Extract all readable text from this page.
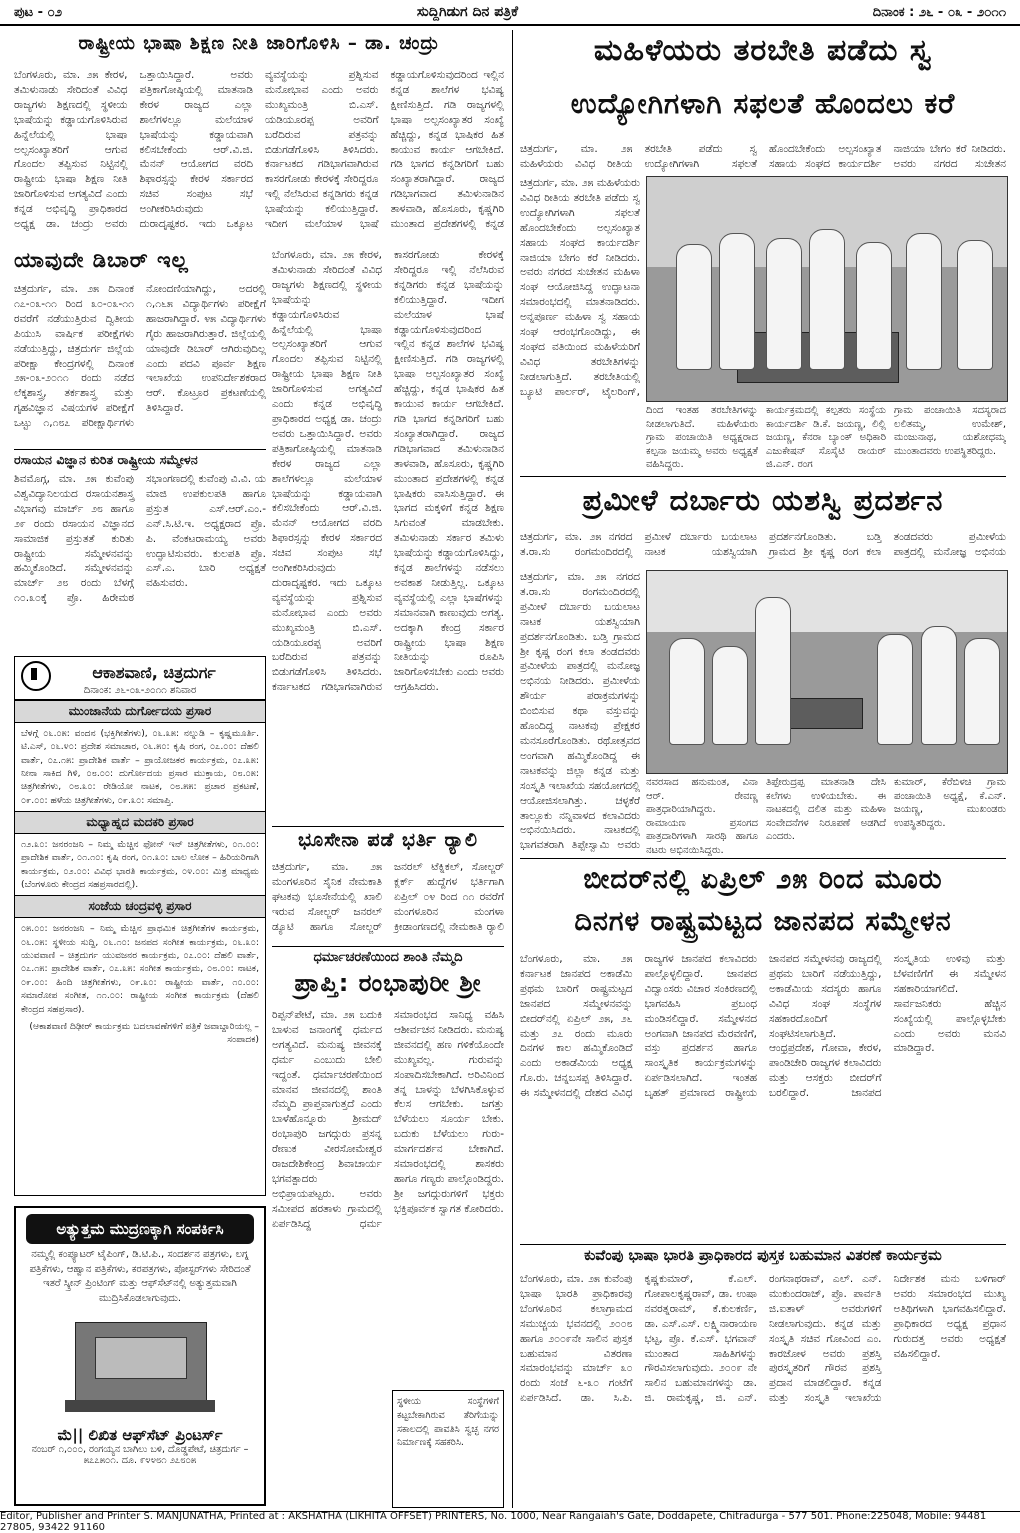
ಪುಟ - ೦೨	ಸುದ್ದಿಗಿಡುಗ ದಿನ ಪತ್ರಿಕೆ	ದಿನಾಂಕ : ೨೬ - ೦೩ - ೨೦೧೧
ರಾಷ್ಟ್ರೀಯ ಭಾಷಾ ಶಿಕ್ಷಣ ನೀತಿ ಜಾರಿಗೊಳಿಸಿ – ಡಾ. ಚಂದ್ರು
ಬೆಂಗಳೂರು, ಮಾ. ೨೫ ಕೇರಳ, ತಮಿಳುನಾಡು ಸೇರಿದಂತೆ ವಿವಿಧ ರಾಜ್ಯಗಳು ಶಿಕ್ಷಣದಲ್ಲಿ ಸ್ಥಳೀಯ ಭಾಷೆಯನ್ನು ಕಡ್ಡಾಯಗೊಳಿಸಿರುವ ಹಿನ್ನೆಲೆಯಲ್ಲಿ ಭಾಷಾ ಅಲ್ಪಸಂಖ್ಯಾತರಿಗೆ ಆಗುವ ಗೊಂದಲ ತಪ್ಪಿಸುವ ನಿಟ್ಟಿನಲ್ಲಿ ರಾಷ್ಟ್ರೀಯ ಭಾಷಾ ಶಿಕ್ಷಣ ನೀತಿ ಜಾರಿಗೊಳಿಸುವ ಅಗತ್ಯವಿದೆ ಎಂದು ಕನ್ನಡ ಅಭಿವೃದ್ಧಿ ಪ್ರಾಧಿಕಾರದ ಅಧ್ಯಕ್ಷ ಡಾ. ಚಂದ್ರು ಅವರು ಒತ್ತಾಯಿಸಿದ್ದಾರೆ. ಅವರು ಪತ್ರಿಕಾಗೋಷ್ಠಿಯಲ್ಲಿ ಮಾತನಾಡಿ ಕೇರಳ ರಾಜ್ಯದ ಎಲ್ಲಾ ಶಾಲೆಗಳಲ್ಲೂ ಮಲೆಯಾಳ ಭಾಷೆಯನ್ನು ಕಡ್ಡಾಯವಾಗಿ ಕಲಿಸಬೇಕೆಂದು ಆರ್.ವಿ.ಜಿ. ಮೆನನ್ ಆಯೋಗದ ವರದಿ ಶಿಫಾರಸ್ಸನ್ನು ಕೇರಳ ಸರ್ಕಾರದ ಸಚಿವ ಸಂಪುಟ ಸಭೆ ಅಂಗೀಕರಿಸಿರುವುದು ದುರಾದೃಷ್ಟಕರ. ಇದು ಒಕ್ಕೂಟ ವ್ಯವಸ್ಥೆಯನ್ನು ಪ್ರಶ್ನಿಸುವ ಮನೋಭಾವ ಎಂದು ಅವರು ಮುಖ್ಯಮಂತ್ರಿ ಬಿ.ಎಸ್. ಯಡಿಯೂರಪ್ಪ ಅವರಿಗೆ ಬರೆದಿರುವ ಪತ್ರವನ್ನು ಬಿಡುಗಡೆಗೊಳಿಸಿ ತಿಳಿಸಿದರು. ಕರ್ನಾಟಕದ ಗಡಿಭಾಗವಾಗಿರುವ ಕಾಸರಗೋಡು ಕೇರಳಕ್ಕೆ ಸೇರಿದ್ದರೂ ಇಲ್ಲಿ ನೆಲೆಸಿರುವ ಕನ್ನಡಿಗರು ಕನ್ನಡ ಭಾಷೆಯನ್ನು ಕಲಿಯುತ್ತಿದ್ದಾರೆ. ಇದೀಗ ಮಲೆಯಾಳ ಭಾಷೆ ಕಡ್ಡಾಯಗೊಳಿಸುವುದರಿಂದ ಇಲ್ಲಿನ ಕನ್ನಡ ಶಾಲೆಗಳ ಭವಿಷ್ಯ ಕ್ಷೀಣಿಸುತ್ತಿದೆ. ಗಡಿ ರಾಜ್ಯಗಳಲ್ಲಿ ಭಾಷಾ ಅಲ್ಪಸಂಖ್ಯಾತರ ಸಂಖ್ಯೆ ಹೆಚ್ಚಿದ್ದು, ಕನ್ನಡ ಭಾಷಿಕರ ಹಿತ ಕಾಯುವ ಕಾರ್ಯ ಆಗಬೇಕಿದೆ. ಗಡಿ ಭಾಗದ ಕನ್ನಡಿಗರಿಗೆ ಬಹು ಸಂಖ್ಯಾತರಾಗಿದ್ದಾರೆ. ರಾಜ್ಯದ ಗಡಿಭಾಗವಾದ ತಮಿಳುನಾಡಿನ ತಾಳವಾಡಿ, ಹೊಸೂರು, ಕೃಷ್ಣಗಿರಿ ಮುಂತಾದ ಪ್ರದೇಶಗಳಲ್ಲಿ ಕನ್ನಡ
ಯಾವುದೇ ಡಿಬಾರ್ ಇಲ್ಲ
ಚಿತ್ರದುರ್ಗ, ಮಾ. ೨೫ ದಿನಾಂಕ ೧೭-೦೩-೧೧ ರಿಂದ ೩೦-೦೩-೧೧ ರವರೆಗೆ ನಡೆಯುತ್ತಿರುವ ದ್ವಿತೀಯ ಪಿಯುಸಿ ವಾರ್ಷಿಕ ಪರೀಕ್ಷೆಗಳು ನಡೆಯುತ್ತಿದ್ದು, ಚಿತ್ರದುರ್ಗ ಜಿಲ್ಲೆಯ ಪರೀಕ್ಷಾ ಕೇಂದ್ರಗಳಲ್ಲಿ ದಿನಾಂಕ ೨೫-೦೩-೨೦೧೧ ರಂದು ನಡೆದ ಲೆಕ್ಕಶಾಸ್ತ್ರ, ತರ್ಕಶಾಸ್ತ್ರ ಮತ್ತು ಗೃಹವಿಜ್ಞಾನ ವಿಷಯಗಳ ಪರೀಕ್ಷೆಗೆ ಒಟ್ಟು ೧,೧೮೭ ಪರೀಕ್ಷಾರ್ಥಿಗಳು ನೋಂದಣಿಯಾಗಿದ್ದು, ಅದರಲ್ಲಿ ೧,೧೬೫ ವಿದ್ಯಾರ್ಥಿಗಳು ಪರೀಕ್ಷೆಗೆ ಹಾಜರಾಗಿದ್ದಾರೆ. ೪೫ ವಿದ್ಯಾರ್ಥಿಗಳು ಗೈರು ಹಾಜರಾಗಿರುತ್ತಾರೆ. ಜಿಲ್ಲೆಯಲ್ಲಿ ಯಾವುದೇ ಡಿಬಾರ್ ಆಗಿರುವುದಿಲ್ಲ ಎಂದು ಪದವಿ ಪೂರ್ವ ಶಿಕ್ಷಣ ಇಲಾಖೆಯ ಉಪನಿರ್ದೇಶಕರಾದ ಆರ್. ಕೊಟ್ರೂರ ಪ್ರಕಟಣೆಯಲ್ಲಿ ತಿಳಿಸಿದ್ದಾರೆ.
ರಸಾಯನ ವಿಜ್ಞಾನ ಕುರಿತ ರಾಷ್ಟ್ರೀಯ ಸಮ್ಮೇಳನ
ಶಿವಮೊಗ್ಗ, ಮಾ. ೨೫ ಕುವೆಂಪು ವಿಶ್ವವಿದ್ಯಾನಿಲಯದ ರಸಾಯನಶಾಸ್ತ್ರ ವಿಭಾಗವು ಮಾರ್ಚ್ ೨೮ ಹಾಗೂ ೨೯ ರಂದು ರಸಾಯನ ವಿಜ್ಞಾನದ ಸಾಮಾಜಿಕ ಪ್ರಸ್ತುತತೆ ಕುರಿತು ರಾಷ್ಟ್ರೀಯ ಸಮ್ಮೇಳನವನ್ನು ಹಮ್ಮಿಕೊಂಡಿದೆ. ಸಮ್ಮೇಳನವನ್ನು ಮಾರ್ಚ್ ೨೮ ರಂದು ಬೆಳಗ್ಗೆ ೧೦.೩೦ಕ್ಕೆ ಪ್ರೊ. ಹಿರೇಮಠ ಸಭಾಂಗಣದಲ್ಲಿ ಕುವೆಂಪು ವಿ.ವಿ. ಯ ಮಾಜಿ ಉಪಕುಲಪತಿ ಹಾಗೂ ಪ್ರಸ್ತುತ ಎಸ್.ಆರ್.ಎಂ.-ಎನ್.ಸಿ.ಟಿ.ಇ. ಅಧ್ಯಕ್ಷರಾದ ಪ್ರೊ. ಪಿ. ವೆಂಕಟರಾಮಯ್ಯ ಅವರು ಉದ್ಘಾಟಿಸುವರು. ಕುಲಪತಿ ಪ್ರೊ. ಎಸ್.ಎ. ಬಾರಿ ಅಧ್ಯಕ್ಷತೆ ವಹಿಸುವರು.
ಬೆಂಗಳೂರು, ಮಾ. ೨೫ ಕೇರಳ, ತಮಿಳುನಾಡು ಸೇರಿದಂತೆ ವಿವಿಧ ರಾಜ್ಯಗಳು ಶಿಕ್ಷಣದಲ್ಲಿ ಸ್ಥಳೀಯ ಭಾಷೆಯನ್ನು ಕಡ್ಡಾಯಗೊಳಿಸಿರುವ ಹಿನ್ನೆಲೆಯಲ್ಲಿ ಭಾಷಾ ಅಲ್ಪಸಂಖ್ಯಾತರಿಗೆ ಆಗುವ ಗೊಂದಲ ತಪ್ಪಿಸುವ ನಿಟ್ಟಿನಲ್ಲಿ ರಾಷ್ಟ್ರೀಯ ಭಾಷಾ ಶಿಕ್ಷಣ ನೀತಿ ಜಾರಿಗೊಳಿಸುವ ಅಗತ್ಯವಿದೆ ಎಂದು ಕನ್ನಡ ಅಭಿವೃದ್ಧಿ ಪ್ರಾಧಿಕಾರದ ಅಧ್ಯಕ್ಷ ಡಾ. ಚಂದ್ರು ಅವರು ಒತ್ತಾಯಿಸಿದ್ದಾರೆ. ಅವರು ಪತ್ರಿಕಾಗೋಷ್ಠಿಯಲ್ಲಿ ಮಾತನಾಡಿ ಕೇರಳ ರಾಜ್ಯದ ಎಲ್ಲಾ ಶಾಲೆಗಳಲ್ಲೂ ಮಲೆಯಾಳ ಭಾಷೆಯನ್ನು ಕಡ್ಡಾಯವಾಗಿ ಕಲಿಸಬೇಕೆಂದು ಆರ್.ವಿ.ಜಿ. ಮೆನನ್ ಆಯೋಗದ ವರದಿ ಶಿಫಾರಸ್ಸನ್ನು ಕೇರಳ ಸರ್ಕಾರದ ಸಚಿವ ಸಂಪುಟ ಸಭೆ ಅಂಗೀಕರಿಸಿರುವುದು ದುರಾದೃಷ್ಟಕರ. ಇದು ಒಕ್ಕೂಟ ವ್ಯವಸ್ಥೆಯನ್ನು ಪ್ರಶ್ನಿಸುವ ಮನೋಭಾವ ಎಂದು ಅವರು ಮುಖ್ಯಮಂತ್ರಿ ಬಿ.ಎಸ್. ಯಡಿಯೂರಪ್ಪ ಅವರಿಗೆ ಬರೆದಿರುವ ಪತ್ರವನ್ನು ಬಿಡುಗಡೆಗೊಳಿಸಿ ತಿಳಿಸಿದರು. ಕರ್ನಾಟಕದ ಗಡಿಭಾಗವಾಗಿರುವ ಕಾಸರಗೋಡು ಕೇರಳಕ್ಕೆ ಸೇರಿದ್ದರೂ ಇಲ್ಲಿ ನೆಲೆಸಿರುವ ಕನ್ನಡಿಗರು ಕನ್ನಡ ಭಾಷೆಯನ್ನು ಕಲಿಯುತ್ತಿದ್ದಾರೆ. ಇದೀಗ ಮಲೆಯಾಳ ಭಾಷೆ ಕಡ್ಡಾಯಗೊಳಿಸುವುದರಿಂದ ಇಲ್ಲಿನ ಕನ್ನಡ ಶಾಲೆಗಳ ಭವಿಷ್ಯ ಕ್ಷೀಣಿಸುತ್ತಿದೆ. ಗಡಿ ರಾಜ್ಯಗಳಲ್ಲಿ ಭಾಷಾ ಅಲ್ಪಸಂಖ್ಯಾತರ ಸಂಖ್ಯೆ ಹೆಚ್ಚಿದ್ದು, ಕನ್ನಡ ಭಾಷಿಕರ ಹಿತ ಕಾಯುವ ಕಾರ್ಯ ಆಗಬೇಕಿದೆ. ಗಡಿ ಭಾಗದ ಕನ್ನಡಿಗರಿಗೆ ಬಹು ಸಂಖ್ಯಾತರಾಗಿದ್ದಾರೆ. ರಾಜ್ಯದ ಗಡಿಭಾಗವಾದ ತಮಿಳುನಾಡಿನ ತಾಳವಾಡಿ, ಹೊಸೂರು, ಕೃಷ್ಣಗಿರಿ ಮುಂತಾದ ಪ್ರದೇಶಗಳಲ್ಲಿ ಕನ್ನಡ ಭಾಷಿಕರು ವಾಸಿಸುತ್ತಿದ್ದಾರೆ. ಈ ಭಾಗದ ಮಕ್ಕಳಿಗೆ ಕನ್ನಡ ಶಿಕ್ಷಣ ಸಿಗುವಂತೆ ಮಾಡಬೇಕು. ತಮಿಳುನಾಡು ಸರ್ಕಾರ ತಮಿಳು ಭಾಷೆಯನ್ನು ಕಡ್ಡಾಯಗೊಳಿಸಿದ್ದು, ಕನ್ನಡ ಶಾಲೆಗಳನ್ನು ನಡೆಸಲು ಅವಕಾಶ ನೀಡುತ್ತಿಲ್ಲ. ಒಕ್ಕೂಟ ವ್ಯವಸ್ಥೆಯಲ್ಲಿ ಎಲ್ಲಾ ಭಾಷೆಗಳನ್ನು ಸಮಾನವಾಗಿ ಕಾಣುವುದು ಅಗತ್ಯ. ಅದಕ್ಕಾಗಿ ಕೇಂದ್ರ ಸರ್ಕಾರ ರಾಷ್ಟ್ರೀಯ ಭಾಷಾ ಶಿಕ್ಷಣ ನೀತಿಯನ್ನು ರೂಪಿಸಿ ಜಾರಿಗೊಳಿಸಬೇಕು ಎಂದು ಅವರು ಆಗ್ರಹಿಸಿದರು.
ಭೂಸೇನಾ ಪಡೆ ಭರ್ತಿ ರ್‍ಯಾಲಿ
ಚಿತ್ರದುರ್ಗ, ಮಾ. ೨೫ ಮಂಗಳೂರಿನ ಸೈನಿಕ ನೇಮಕಾತಿ ಘಟಕವು ಭೂಸೇನೆಯಲ್ಲಿ ಖಾಲಿ ಇರುವ ಸೋಲ್ಜರ್ ಜನರಲ್ ಡ್ಯೂಟಿ ಹಾಗೂ ಸೋಲ್ಜರ್ ಜನರಲ್ ಟೆಕ್ನಿಕಲ್, ಸೋಲ್ಜರ್ ಕ್ಲರ್ಕ್ ಹುದ್ದೆಗಳ ಭರ್ತಿಗಾಗಿ ಏಪ್ರಿಲ್ ೦೪ ರಿಂದ ೧೧ ರವರೆಗೆ ಮಂಗಳೂರಿನ ಮಂಗಳಾ ಕ್ರೀಡಾಂಗಣದಲ್ಲಿ ನೇಮಕಾತಿ ರ್‍ಯಾಲಿ
ಧರ್ಮಾಚರಣೆಯಿಂದ ಶಾಂತಿ ನೆಮ್ಮದಿ
ಪ್ರಾಪ್ತಿ: ರಂಭಾಪುರೀ ಶ್ರೀ
ರಿಪ್ಪನ್‌ಪೇಟೆ, ಮಾ. ೨೫ ಬದುಕಿ ಬಾಳುವ ಜನಾಂಗಕ್ಕೆ ಧರ್ಮದ ಅಗತ್ಯವಿದೆ. ಮನುಷ್ಯ ಜೀವನಕ್ಕೆ ಧರ್ಮ ಎಂಬುದು ಬೇಲಿ ಇದ್ದಂತೆ. ಧರ್ಮಾಚರಣೆಯಿಂದ ಮಾನವ ಜೀವನದಲ್ಲಿ ಶಾಂತಿ ನೆಮ್ಮದಿ ಪ್ರಾಪ್ತವಾಗುತ್ತದೆ ಎಂದು ಬಾಳೆಹೊನ್ನೂರು ಶ್ರೀಮದ್ ರಂಭಾಪುರಿ ಜಗದ್ಗುರು ಪ್ರಸನ್ನ ರೇಣುಕ ವೀರಸೋಮೇಶ್ವರ ರಾಜದೇಶಿಕೇಂದ್ರ ಶಿವಾಚಾರ್ಯ ಭಗವತ್ಪಾದರು ಅಭಿಪ್ರಾಯಪಟ್ಟರು. ಅವರು ಸಮೀಪದ ಹರತಾಳು ಗ್ರಾಮದಲ್ಲಿ ಏರ್ಪಡಿಸಿದ್ದ ಧರ್ಮ ಸಮಾರಂಭದ ಸಾನಿಧ್ಯ ವಹಿಸಿ ಆಶೀರ್ವಚನ ನೀಡಿದರು. ಮನುಷ್ಯ ಜೀವನದಲ್ಲಿ ಹಣ ಗಳಿಕೆಯೊಂದೇ ಮುಖ್ಯವಲ್ಲ. ಗುರುವನ್ನು ಸಂಪಾದಿಸಬೇಕಾಗಿದೆ. ಅರಿವಿನಿಂದ ತನ್ನ ಬಾಳನ್ನು ಬೆಳಗಿಸಿಕೊಳ್ಳುವ ಕೆಲಸ ಆಗಬೇಕು. ಜಗತ್ತು ಬೆಳೆಯಲು ಸೂರ್ಯ ಬೇಕು. ಬದುಕು ಬೆಳೆಯಲು ಗುರು-ಮಾರ್ಗದರ್ಶನ ಬೇಕಾಗಿದೆ. ಸಮಾರಂಭದಲ್ಲಿ ಶಾಸಕರು ಹಾಗೂ ಗಣ್ಯರು ಪಾಲ್ಗೊಂಡಿದ್ದರು. ಶ್ರೀ ಜಗದ್ಗುರುಗಳಿಗೆ ಭಕ್ತರು ಭಕ್ತಿಪೂರ್ವಕ ಸ್ವಾಗತ ಕೋರಿದರು.
ಸ್ಥಳೀಯ ಸಂಸ್ಥೆಗಳಿಗೆ ಕಟ್ಟಬೇಕಾಗಿರುವ ತೆರಿಗೆಯನ್ನು ಸಕಾಲದಲ್ಲಿ ಪಾವತಿಸಿ ಸ್ವಚ್ಛ ನಗರ ನಿರ್ಮಾಣಕ್ಕೆ ಸಹಕರಿಸಿ.
ಆಕಾಶವಾಣಿ, ಚಿತ್ರದುರ್ಗ
ದಿನಾಂಕ: ೨೬-೦೩-೨೦೧೧ ಶನಿವಾರ
ಮುಂಜಾನೆಯ ದುರ್ಗೋದಯ ಪ್ರಸಾರ
ಬೆಳಗ್ಗೆ ೦೬.೦೫: ವಂದನ (ಭಕ್ತಿಗೀತೆಗಳು), ೦೬.೩೫: ನಲ್ನುಡಿ – ಕೃಷ್ಣಮೂರ್ತಿ. ಟಿ.ಎಸ್, ೦೬.೪೦: ಪ್ರದೇಶ ಸಮಾಚಾರ, ೦೬.೫೦: ಕೃಷಿ ರಂಗ, ೦೭.೦೦: ದೆಹಲಿ ವಾರ್ತೆ, ೦೭.೧೫: ಪ್ರಾದೇಶಿಕ ವಾರ್ತೆ – ಪ್ರಾಯೋಜಕರ ಕಾರ್ಯಕ್ರಮ, ೦೭.೩೫: ನೀನಾ ಸಾಕಿದ ಗಿಳಿ, ೦೮.೦೦: ದುರ್ಗೋದಯ ಪ್ರಸಾರ ಮುಕ್ತಾಯ, ೦೮.೦೫: ಚಿತ್ರಗೀತೆಗಳು, ೦೮.೩೦: ರೇಡಿಯೋ ನಾಟಕ, ೦೮.೫೫: ಪ್ರಚಾರ ಪ್ರಕಟಣೆ, ೦೯.೦೦: ಹಳೆಯ ಚಿತ್ರಗೀತೆಗಳು, ೦೯.೩೦: ಸಮಾಪ್ತಿ.
ಮಧ್ಯಾಹ್ನದ ಮದಕರಿ ಪ್ರಸಾರ
೧೨.೩೦: ಜನರಂಜನಿ – ನಿಮ್ಮ ಮೆಚ್ಚಿನ ಫೋನ್ ಇನ್ ಚಿತ್ರಗೀತೆಗಳು, ೦೧.೦೦: ಪ್ರಾದೇಶಿಕ ವಾರ್ತೆ, ೦೧.೧೦: ಕೃಷಿ ರಂಗ, ೦೧.೩೦: ಬಾಲ ಲೋಕ – ಹಿರಿಯರಿಗಾಗಿ ಕಾರ್ಯಕ್ರಮ, ೦೨.೦೦: ವಿವಿಧ ಭಾರತಿ ಕಾರ್ಯಕ್ರಮ, ೦೪.೦೦: ಮಿತ್ರ ಮಾಧ್ಯಮ (ಬೆಂಗಳೂರು ಕೇಂದ್ರದ ಸಹಪ್ರಸಾರದಲ್ಲಿ).
ಸಂಜೆಯ ಚಂದ್ರವಳ್ಳಿ ಪ್ರಸಾರ
೦೫.೦೦: ಜನರಂಜನಿ – ನಿಮ್ಮ ಮೆಚ್ಚಿನ ಪ್ರಾಥಮಿಕ ಚಿತ್ರಗೀತೆಗಳ ಕಾರ್ಯಕ್ರಮ, ೦೬.೦೫: ಸ್ಥಳೀಯ ಸುದ್ದಿ, ೦೬.೧೦: ಜನಪದ ಸಂಗೀತ ಕಾರ್ಯಕ್ರಮ, ೦೬.೩೦: ಯುವವಾಣಿ – ಚಿತ್ರದುರ್ಗ ಯುವಜನರ ಕಾರ್ಯಕ್ರಮ, ೦೭.೦೦: ದೆಹಲಿ ವಾರ್ತೆ, ೦೭.೧೫: ಪ್ರಾದೇಶಿಕ ವಾರ್ತೆ, ೦೭.೩೫: ಸಂಗೀತ ಕಾರ್ಯಕ್ರಮ, ೦೮.೦೦: ನಾಟಕ, ೦೯.೦೦: ಹಿಂದಿ ಚಿತ್ರಗೀತೆಗಳು, ೦೯.೩೦: ರಾಷ್ಟ್ರೀಯ ವಾರ್ತೆ, ೧೦.೦೦: ಸಮಾರೋಪ ಸಂಗೀತ, ೧೧.೦೦: ರಾಷ್ಟ್ರೀಯ ಸಂಗೀತ ಕಾರ್ಯಕ್ರಮ (ದೆಹಲಿ ಕೇಂದ್ರದ ಸಹಪ್ರಸಾರ).
(ಆಕಾಶವಾಣಿ ದಿಢೀರ್ ಕಾರ್ಯಕ್ರಮ ಬದಲಾವಣೆಗಳಿಗೆ ಪತ್ರಿಕೆ ಜವಾಬ್ದಾರಿಯಲ್ಲ – ಸಂಪಾದಕ)
ಅತ್ಯುತ್ತಮ ಮುದ್ರಣಕ್ಕಾಗಿ ಸಂಪರ್ಕಿಸಿ
ನಮ್ಮಲ್ಲಿ ಕಂಪ್ಯೂಟರ್ ಟೈಪಿಂಗ್, ಡಿ.ಟಿ.ಪಿ., ಸಂದರ್ಶನ ಪತ್ರಗಳು, ಲಗ್ನ ಪತ್ರಿಕೆಗಳು, ಆಹ್ವಾನ ಪತ್ರಿಕೆಗಳು, ಕರಪತ್ರಗಳು, ಪೋಸ್ಟರ್‌ಗಳು ಸೇರಿದಂತೆ ಇತರೆ ಸ್ಕ್ರೀನ್ ಪ್ರಿಂಟಿಂಗ್ ಮತ್ತು ಆಫ್‌ಸೆಟ್‌ನಲ್ಲಿ ಅತ್ಯುತ್ತಮವಾಗಿ ಮುದ್ರಿಸಿಕೊಡಲಾಗುವುದು.
ಮೆ|| ಲಿಖಿತ ಆಫ್‌ಸೆಟ್ ಪ್ರಿಂಟರ್ಸ್
ನಂಬರ್ ೧,೦೦೦, ರಂಗಯ್ಯನ ಬಾಗಿಲು ಬಳಿ, ದೊಡ್ಡಪೇಟೆ, ಚಿತ್ರದುರ್ಗ – ೫೭೭೫೦೧. ದೂ. ೯೪೪೮೧ ೨೭೮೦೫
ಮಹಿಳೆಯರು ತರಬೇತಿ ಪಡೆದು ಸ್ವ
ಉದ್ಯೋಗಿಗಳಾಗಿ ಸಫಲತೆ ಹೊಂದಲು ಕರೆ
ಚಿತ್ರದುರ್ಗ, ಮಾ. ೨೫ ಮಹಿಳೆಯರು ವಿವಿಧ ರೀತಿಯ ತರಬೇತಿ ಪಡೆದು ಸ್ವ ಉದ್ಯೋಗಿಗಳಾಗಿ ಸಫಲತೆ ಹೊಂದಬೇಕೆಂದು ಅಲ್ಪಸಂಖ್ಯಾತ ಸಹಾಯ ಸಂಘದ ಕಾರ್ಯದರ್ಶಿ ನಾಜಿಯಾ ಬೇಗಂ ಕರೆ ನೀಡಿದರು. ಅವರು ನಗರದ ಸುಚೇತನ
ಚಿತ್ರದುರ್ಗ, ಮಾ. ೨೫ ಮಹಿಳೆಯರು ವಿವಿಧ ರೀತಿಯ ತರಬೇತಿ ಪಡೆದು ಸ್ವ ಉದ್ಯೋಗಿಗಳಾಗಿ ಸಫಲತೆ ಹೊಂದಬೇಕೆಂದು ಅಲ್ಪಸಂಖ್ಯಾತ ಸಹಾಯ ಸಂಘದ ಕಾರ್ಯದರ್ಶಿ ನಾಜಿಯಾ ಬೇಗಂ ಕರೆ ನೀಡಿದರು. ಅವರು ನಗರದ ಸುಚೇತನ ಮಹಿಳಾ ಸಂಘ ಆಯೋಜಿಸಿದ್ದ ಉದ್ಘಾಟನಾ ಸಮಾರಂಭದಲ್ಲಿ ಮಾತನಾಡಿದರು. ಅನ್ನಪೂರ್ಣ ಮಹಿಳಾ ಸ್ವ ಸಹಾಯ ಸಂಘ ಆರಂಭಗೊಂಡಿದ್ದು, ಈ ಸಂಘದ ವತಿಯಿಂದ ಮಹಿಳೆಯರಿಗೆ ವಿವಿಧ ತರಬೇತಿಗಳನ್ನು ನೀಡಲಾಗುತ್ತಿದೆ. ತರಬೇತಿಯಲ್ಲಿ ಬ್ಯೂಟಿ ಪಾರ್ಲರ್, ಟೈಲರಿಂಗ್,
ದಿಂದ ಇಂತಹ ತರಬೇತಿಗಳನ್ನು ನೀಡಲಾಗುತಿದೆ. ಮಹಿಳೆಯರು ಗ್ರಾಮ ಪಂಚಾಯಿತಿ ಅಧ್ಯಕ್ಷರಾದ ಕಲ್ಪನಾ ಜಯಮ್ಮ ಅವರು ಅಧ್ಯಕ್ಷತೆ ವಹಿಸಿದ್ದರು.
ಕಾರ್ಯಕ್ರಮದಲ್ಲಿ ಕಲ್ಪತರು ಸಂಸ್ಥೆಯ ಕಾರ್ಯದರ್ಶಿ ಡಿ.ಕೆ. ಜಯಣ್ಣ, ಲಿಲ್ಲಿ ಜಯಣ್ಣ, ಕೆನರಾ ಬ್ಯಾಂಕ್ ಅಧಿಕಾರಿ ಎಜುಕೇಷನ್ ಸೊಸೈಟಿ ರಾಯರ್ ಜಿ.ಎನ್. ರಂಗ
ಗ್ರಾಮ ಪಂಚಾಯಿತಿ ಸದಸ್ಯರಾದ ಲಲಿತಮ್ಮ, ಉಮೇಶ್, ಮಂಜುನಾಥ, ಯಶೋಧಮ್ಮ ಮುಂತಾದವರು ಉಪಸ್ಥಿತರಿದ್ದರು.
ಪ್ರಮೀಳೆ ದರ್ಬಾರು ಯಶಸ್ವಿ ಪ್ರದರ್ಶನ
ಚಿತ್ರದುರ್ಗ, ಮಾ. ೨೫ ನಗರದ ತ.ರಾ.ಸು ರಂಗಮಂದಿರದಲ್ಲಿ ಪ್ರಮೀಳೆ ದರ್ಬಾರು ಬಯಲಾಟ ನಾಟಕ ಯಶಸ್ವಿಯಾಗಿ ಪ್ರದರ್ಶನಗೊಂಡಿತು. ಬಡ್ತಿ ಗ್ರಾಮದ ಶ್ರೀ ಕೃಷ್ಣ ರಂಗ ಕಲಾ ತಂಡದವರು ಪ್ರಮೀಳೆಯ ಪಾತ್ರದಲ್ಲಿ ಮನೋಜ್ಞ ಅಭಿನಯ
ಚಿತ್ರದುರ್ಗ, ಮಾ. ೨೫ ನಗರದ ತ.ರಾ.ಸು ರಂಗಮಂದಿರದಲ್ಲಿ ಪ್ರಮೀಳೆ ದರ್ಬಾರು ಬಯಲಾಟ ನಾಟಕ ಯಶಸ್ವಿಯಾಗಿ ಪ್ರದರ್ಶನಗೊಂಡಿತು. ಬಡ್ತಿ ಗ್ರಾಮದ ಶ್ರೀ ಕೃಷ್ಣ ರಂಗ ಕಲಾ ತಂಡದವರು ಪ್ರಮೀಳೆಯ ಪಾತ್ರದಲ್ಲಿ ಮನೋಜ್ಞ ಅಭಿನಯ ನೀಡಿದರು. ಪ್ರಮೀಳೆಯ ಶೌರ್ಯ ಪರಾಕ್ರಮಗಳನ್ನು ಬಿಂಬಿಸುವ ಕಥಾ ವಸ್ತುವನ್ನು ಹೊಂದಿದ್ದ ನಾಟಕವು ಪ್ರೇಕ್ಷಕರ ಮನಸೂರೆಗೊಂಡಿತು. ರಥೋತ್ಸವದ ಅಂಗವಾಗಿ ಹಮ್ಮಿಕೊಂಡಿದ್ದ ಈ ನಾಟಕವನ್ನು ಜಿಲ್ಲಾ ಕನ್ನಡ ಮತ್ತು ಸಂಸ್ಕೃತಿ ಇಲಾಖೆಯ ಸಹಯೋಗದಲ್ಲಿ ಆಯೋಜಿಸಲಾಗಿತ್ತು. ಚಳ್ಳಕೆರೆ ತಾಲ್ಲೂಕು ನನ್ನಿವಾಳದ ಕಲಾವಿದರು ಅಭಿನಯಿಸಿದರು. ನಾಟಕದಲ್ಲಿ ಭಾಗವತರಾಗಿ ತಿಪ್ಪೇಸ್ವಾಮಿ ಅವರು
ನವರಸಾದ ಹನುಮಂತ, ವಿನಾ ಆರ್. ರೇವಣ್ಣ ಪಾತ್ರಧಾರಿಯಾಗಿದ್ದರು. ರಾಮಾಯಣ ಪ್ರಸಂಗದ ಪಾತ್ರದಾರಿಗಳಾಗಿ ಸಾರಥಿ ಹಾಗೂ ನಟರು ಅಭಿನಯಿಸಿದ್ದರು.
ತಿಪ್ಪೇರುದ್ರಪ್ಪ ಮಾತನಾಡಿ ದೇಸಿ ಕಲೆಗಳು ಉಳಿಯಬೇಕು. ಈ ನಾಟಕದಲ್ಲಿ ದಲಿತ ಮತ್ತು ಮಹಿಳಾ ಸಂವೇದನೆಗಳ ನಿರೂಪಣೆ ಅಡಗಿದೆ ಎಂದರು.
ಕುಮಾರ್, ಕೆರೆಬಿಳಚಿ ಗ್ರಾಮ ಪಂಚಾಯಿತಿ ಅಧ್ಯಕ್ಷೆ, ಕೆ.ಎನ್. ಜಯಣ್ಣ, ಮುಖಂಡರು ಉಪಸ್ಥಿತರಿದ್ದರು.
ಬೀದರ್‌ನಲ್ಲಿ ಏಪ್ರಿಲ್ ೨೫ ರಿಂದ ಮೂರು
ದಿನಗಳ ರಾಷ್ಟ್ರಮಟ್ಟದ ಜಾನಪದ ಸಮ್ಮೇಳನ
ಬೆಂಗಳೂರು, ಮಾ. ೨೫ ಕರ್ನಾಟಕ ಜಾನಪದ ಅಕಾಡೆಮಿ ಪ್ರಥಮ ಬಾರಿಗೆ ರಾಷ್ಟ್ರಮಟ್ಟದ ಜಾನಪದ ಸಮ್ಮೇಳನವನ್ನು ಬೀದರ್‌ನಲ್ಲಿ ಏಪ್ರಿಲ್ ೨೫, ೨೬ ಮತ್ತು ೨೭ ರಂದು ಮೂರು ದಿನಗಳ ಕಾಲ ಹಮ್ಮಿಕೊಂಡಿದೆ ಎಂದು ಅಕಾಡೆಮಿಯ ಅಧ್ಯಕ್ಷ ಗೊ.ರು. ಚನ್ನಬಸಪ್ಪ ತಿಳಿಸಿದ್ದಾರೆ. ಈ ಸಮ್ಮೇಳನದಲ್ಲಿ ದೇಶದ ವಿವಿಧ ರಾಜ್ಯಗಳ ಜಾನಪದ ಕಲಾವಿದರು ಪಾಲ್ಗೊಳ್ಳಲಿದ್ದಾರೆ. ಜಾನಪದ ವಿದ್ವಾಂಸರು ವಿಚಾರ ಸಂಕಿರಣದಲ್ಲಿ ಭಾಗವಹಿಸಿ ಪ್ರಬಂಧ ಮಂಡಿಸಲಿದ್ದಾರೆ. ಸಮ್ಮೇಳನದ ಅಂಗವಾಗಿ ಜಾನಪದ ಮೆರವಣಿಗೆ, ವಸ್ತು ಪ್ರದರ್ಶನ ಹಾಗೂ ಸಾಂಸ್ಕೃತಿಕ ಕಾರ್ಯಕ್ರಮಗಳನ್ನು ಏರ್ಪಡಿಸಲಾಗಿದೆ. ಇಂತಹ ಬೃಹತ್ ಪ್ರಮಾಣದ ರಾಷ್ಟ್ರೀಯ ಜಾನಪದ ಸಮ್ಮೇಳನವು ರಾಜ್ಯದಲ್ಲಿ ಪ್ರಥಮ ಬಾರಿಗೆ ನಡೆಯುತ್ತಿದ್ದು, ಅಕಾಡೆಮಿಯ ಸದಸ್ಯರು ಹಾಗೂ ವಿವಿಧ ಸಂಘ ಸಂಸ್ಥೆಗಳ ಸಹಕಾರದೊಂದಿಗೆ ಸಂಘಟಿಸಲಾಗುತ್ತಿದೆ. ಆಂಧ್ರಪ್ರದೇಶ, ಗೋವಾ, ಕೇರಳ, ಪಾಂಡಿಚೇರಿ ರಾಜ್ಯಗಳ ಕಲಾವಿದರು ಮತ್ತು ಆಸಕ್ತರು ಬೀದರ್‌ಗೆ ಬರಲಿದ್ದಾರೆ. ಜಾನಪದ ಸಂಸ್ಕೃತಿಯ ಉಳಿವು ಮತ್ತು ಬೆಳವಣಿಗೆಗೆ ಈ ಸಮ್ಮೇಳನ ಸಹಕಾರಿಯಾಗಲಿದೆ. ಸಾರ್ವಜನಿಕರು ಹೆಚ್ಚಿನ ಸಂಖ್ಯೆಯಲ್ಲಿ ಪಾಲ್ಗೊಳ್ಳಬೇಕು ಎಂದು ಅವರು ಮನವಿ ಮಾಡಿದ್ದಾರೆ.
ಕುವೆಂಪು ಭಾಷಾ ಭಾರತಿ ಪ್ರಾಧಿಕಾರದ ಪುಸ್ತಕ ಬಹುಮಾನ ವಿತರಣೆ ಕಾರ್ಯಕ್ರಮ
ಬೆಂಗಳೂರು, ಮಾ. ೨೫ ಕುವೆಂಪು ಭಾಷಾ ಭಾರತಿ ಪ್ರಾಧಿಕಾರವು ಬೆಂಗಳೂರಿನ ಕಲಾಗ್ರಾಮದ ಸಮುಚ್ಚಯ ಭವನದಲ್ಲಿ ೨೦೦೮ ಹಾಗೂ ೨೦೦೯ನೇ ಸಾಲಿನ ಪುಸ್ತಕ ಬಹುಮಾನ ವಿತರಣಾ ಸಮಾರಂಭವನ್ನು ಮಾರ್ಚ್ ೩೦ ರಂದು ಸಂಜೆ ೬-೩೦ ಗಂಟೆಗೆ ಏರ್ಪಡಿಸಿದೆ. ಡಾ. ಸಿ.ಪಿ. ಕೃಷ್ಣಕುಮಾರ್, ಕೆ.ಎಲ್. ಗೋಪಾಲಕೃಷ್ಣರಾವ್, ಡಾ. ಉಷಾ ನವರತ್ನರಾಮ್, ಕೆ.ಕುಲಕರ್ಣಿ, ಡಾ. ಎಸ್.ಎಸ್. ಲಕ್ಷ್ಮಿನಾರಾಯಣ ಭಟ್ಟ, ಪ್ರೊ. ಕೆ.ಎಸ್. ಭಗವಾನ್ ಮುಂತಾದ ಸಾಹಿತಿಗಳನ್ನು ಗೌರವಿಸಲಾಗುವುದು. ೨೦೦೯ ನೇ ಸಾಲಿನ ಬಹುಮಾನಗಳನ್ನು ಡಾ. ಜಿ. ರಾಮಕೃಷ್ಣ, ಜಿ. ಎನ್. ರಂಗನಾಥರಾವ್, ಎಲ್. ಎನ್. ಮುಕುಂದರಾಜ್, ಪ್ರೊ. ಪಾರ್ವತಿ ಜಿ.ಐತಾಳ್ ಅವರುಗಳಿಗೆ ನೀಡಲಾಗುವುದು. ಕನ್ನಡ ಮತ್ತು ಸಂಸ್ಕೃತಿ ಸಚಿವ ಗೋವಿಂದ ಎಂ. ಕಾರಜೋಳ ಅವರು ಪ್ರಶಸ್ತಿ ಪುರಸ್ಕೃತರಿಗೆ ಗೌರವ ಪ್ರಶಸ್ತಿ ಪ್ರದಾನ ಮಾಡಲಿದ್ದಾರೆ. ಕನ್ನಡ ಮತ್ತು ಸಂಸ್ಕೃತಿ ಇಲಾಖೆಯ ನಿರ್ದೇಶಕ ಮನು ಬಳಿಗಾರ್ ಅವರು ಸಮಾರಂಭದ ಮುಖ್ಯ ಅತಿಥಿಗಳಾಗಿ ಭಾಗವಹಿಸಲಿದ್ದಾರೆ. ಪ್ರಾಧಿಕಾರದ ಅಧ್ಯಕ್ಷ ಪ್ರಧಾನ ಗುರುದತ್ತ ಅವರು ಅಧ್ಯಕ್ಷತೆ ವಹಿಸಲಿದ್ದಾರೆ.
Editor, Publisher and Printer S. MANJUNATHA, Printed at : AKSHATHA (LIKHITA OFFSET) PRINTERS, No. 1000, Near Rangaiah's Gate, Doddapete, Chitradurga - 577 501. Phone:225048, Mobile: 94481 27805, 93422 91160
